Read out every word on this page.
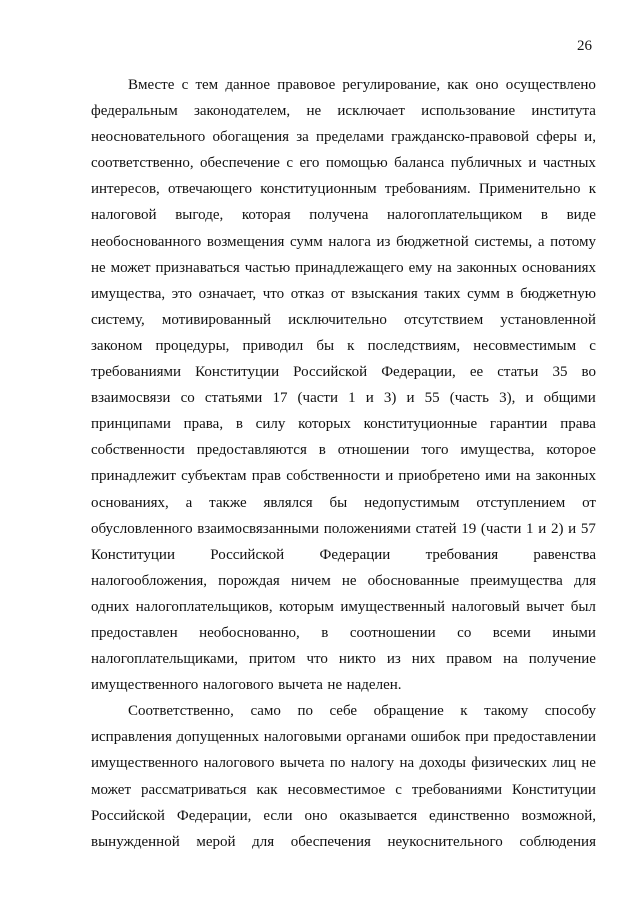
26
Вместе с тем данное правовое регулирование, как оно осуществлено
федеральным законодателем, не исключает использование института
неосновательного обогащения за пределами гражданско-правовой сферы и,
соответственно, обеспечение с его помощью баланса публичных и частных
интересов, отвечающего конституционным требованиям. Применительно к
налоговой выгоде, которая получена налогоплательщиком в виде
необоснованного возмещения сумм налога из бюджетной системы, а потому
не может признаваться частью принадлежащего ему на законных основаниях
имущества, это означает, что отказ от взыскания таких сумм в бюджетную
систему, мотивированный исключительно отсутствием установленной
законом процедуры, приводил бы к последствиям, несовместимым с
требованиями Конституции Российской Федерации, ее статьи 35 во
взаимосвязи со статьями 17 (части 1 и 3) и 55 (часть 3), и общими
принципами права, в силу которых конституционные гарантии права
собственности предоставляются в отношении того имущества, которое
принадлежит субъектам прав собственности и приобретено ими на законных
основаниях, а также являлся бы недопустимым отступлением от
обусловленного взаимосвязанными положениями статей 19 (части 1 и 2) и 57
Конституции Российской Федерации требования равенства
налогообложения, порождая ничем не обоснованные преимущества для
одних налогоплательщиков, которым имущественный налоговый вычет был
предоставлен необоснованно, в соотношении со всеми иными
налогоплательщиками, притом что никто из них правом на получение
имущественного налогового вычета не наделен.
Соответственно, само по себе обращение к такому способу
исправления допущенных налоговыми органами ошибок при предоставлении
имущественного налогового вычета по налогу на доходы физических лиц не
может рассматриваться как несовместимое с требованиями Конституции
Российской Федерации, если оно оказывается единственно возможной,
вынужденной мерой для обеспечения неукоснительного соблюдения
